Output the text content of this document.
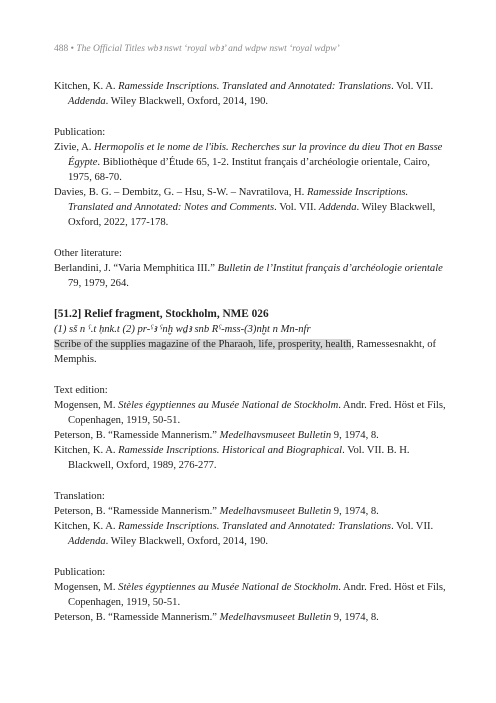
488 • The Official Titles wbꜣ nswt ‘royal wbꜣ’ and wdpw nswt ‘royal wdpw’

Kitchen, K. A. Ramesside Inscriptions. Translated and Annotated: Translations. Vol. VII. Addenda. Wiley Blackwell, Oxford, 2014, 190.

Publication:

Zivie, A. Hermopolis et le nome de l'ibis. Recherches sur la province du dieu Thot en Basse Égypte. Bibliothèque d’Étude 65, 1-2. Institut français d’archéologie orientale, Cairo, 1975, 68-70.

Davies, B. G. – Dembitz, G. – Hsu, S-W. – Navratilova, H. Ramesside Inscriptions. Translated and Annotated: Notes and Comments. Vol. VII. Addenda. Wiley Blackwell, Oxford, 2022, 177-178.

Other literature:

Berlandini, J. “Varia Memphitica III.” Bulletin de l’Institut français d’archéologie orientale 79, 1979, 264.

[51.2] Relief fragment, Stockholm, NME 026

(1) sš n ˁ.t ḥnk.t (2) pr-ˁꜣ ˁnḫ wḏꜣ snb Rˁ-mss-(3)nḫt n Mn-nfr

Scribe of the supplies magazine of the Pharaoh, life, prosperity, health, Ramessesnakht, of Memphis.

Text edition:

Mogensen, M. Stèles égyptiennes au Musée National de Stockholm. Andr. Fred. Höst et Fils, Copenhagen, 1919, 50-51.

Peterson, B. “Ramesside Mannerism.” Medelhavsmuseet Bulletin 9, 1974, 8.

Kitchen, K. A. Ramesside Inscriptions. Historical and Biographical. Vol. VII. B. H. Blackwell, Oxford, 1989, 276-277.

Translation:

Peterson, B. “Ramesside Mannerism.” Medelhavsmuseet Bulletin 9, 1974, 8.

Kitchen, K. A. Ramesside Inscriptions. Translated and Annotated: Translations. Vol. VII. Addenda. Wiley Blackwell, Oxford, 2014, 190.

Publication:

Mogensen, M. Stèles égyptiennes au Musée National de Stockholm. Andr. Fred. Höst et Fils, Copenhagen, 1919, 50-51.

Peterson, B. “Ramesside Mannerism.” Medelhavsmuseet Bulletin 9, 1974, 8.
